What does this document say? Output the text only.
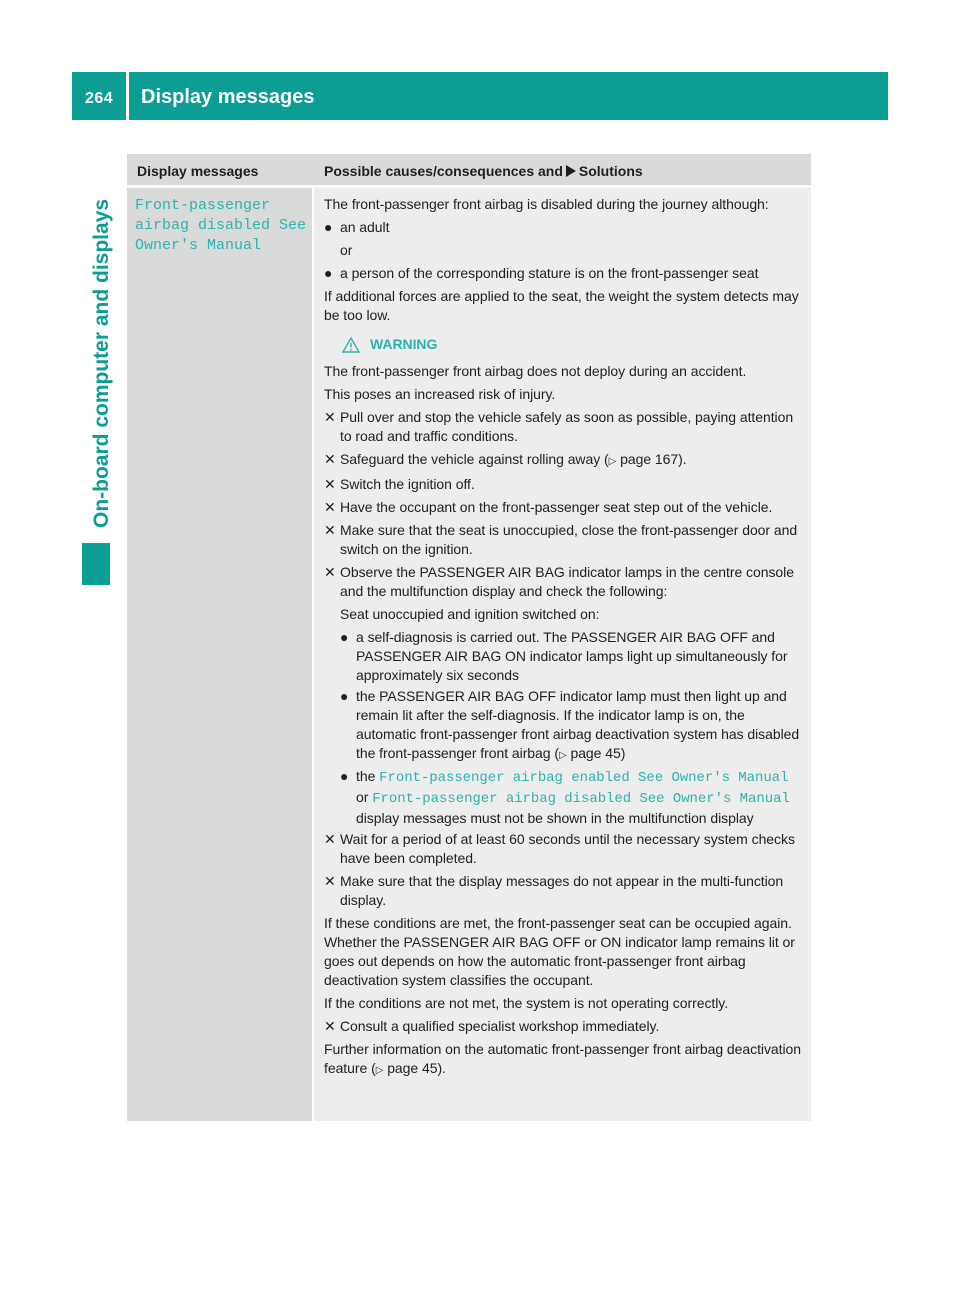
264 Display messages
On-board computer and displays
Display messages	Possible causes/consequences and Solutions
Front-passenger airbag disabled See Owner's Manual

The front-passenger front airbag is disabled during the journey although:

● an adult
or
● a person of the corresponding stature is on the front-passenger seat

If additional forces are applied to the seat, the weight the system detects may be too low.

WARNING

The front-passenger front airbag does not deploy during an accident.

This poses an increased risk of injury.

✕ Pull over and stop the vehicle safely as soon as possible, paying attention to road and traffic conditions.
✕ Safeguard the vehicle against rolling away (▷ page 167).
✕ Switch the ignition off.
✕ Have the occupant on the front-passenger seat step out of the vehicle.
✕ Make sure that the seat is unoccupied, close the front-passenger door and switch on the ignition.
✕ Observe the PASSENGER AIR BAG indicator lamps in the centre console and the multifunction display and check the following:
Seat unoccupied and ignition switched on:
● a self-diagnosis is carried out. The PASSENGER AIR BAG OFF and PASSENGER AIR BAG ON indicator lamps light up simultaneously for approximately six seconds
● the PASSENGER AIR BAG OFF indicator lamp must then light up and remain lit after the self-diagnosis. If the indicator lamp is on, the automatic front-passenger front airbag deactivation system has disabled the front-passenger front airbag (▷ page 45)
● the Front-passenger airbag enabled See Owner's Manual
or Front-passenger airbag disabled See Owner's Manual
display messages must not be shown in the multifunction display
✕ Wait for a period of at least 60 seconds until the necessary system checks have been completed.
✕ Make sure that the display messages do not appear in the multi-function display.

If these conditions are met, the front-passenger seat can be occupied again. Whether the PASSENGER AIR BAG OFF or ON indicator lamp remains lit or goes out depends on how the automatic front-passenger front airbag deactivation system classifies the occupant.

If the conditions are not met, the system is not operating correctly.

✕ Consult a qualified specialist workshop immediately.

Further information on the automatic front-passenger front airbag deactivation feature (▷ page 45).
